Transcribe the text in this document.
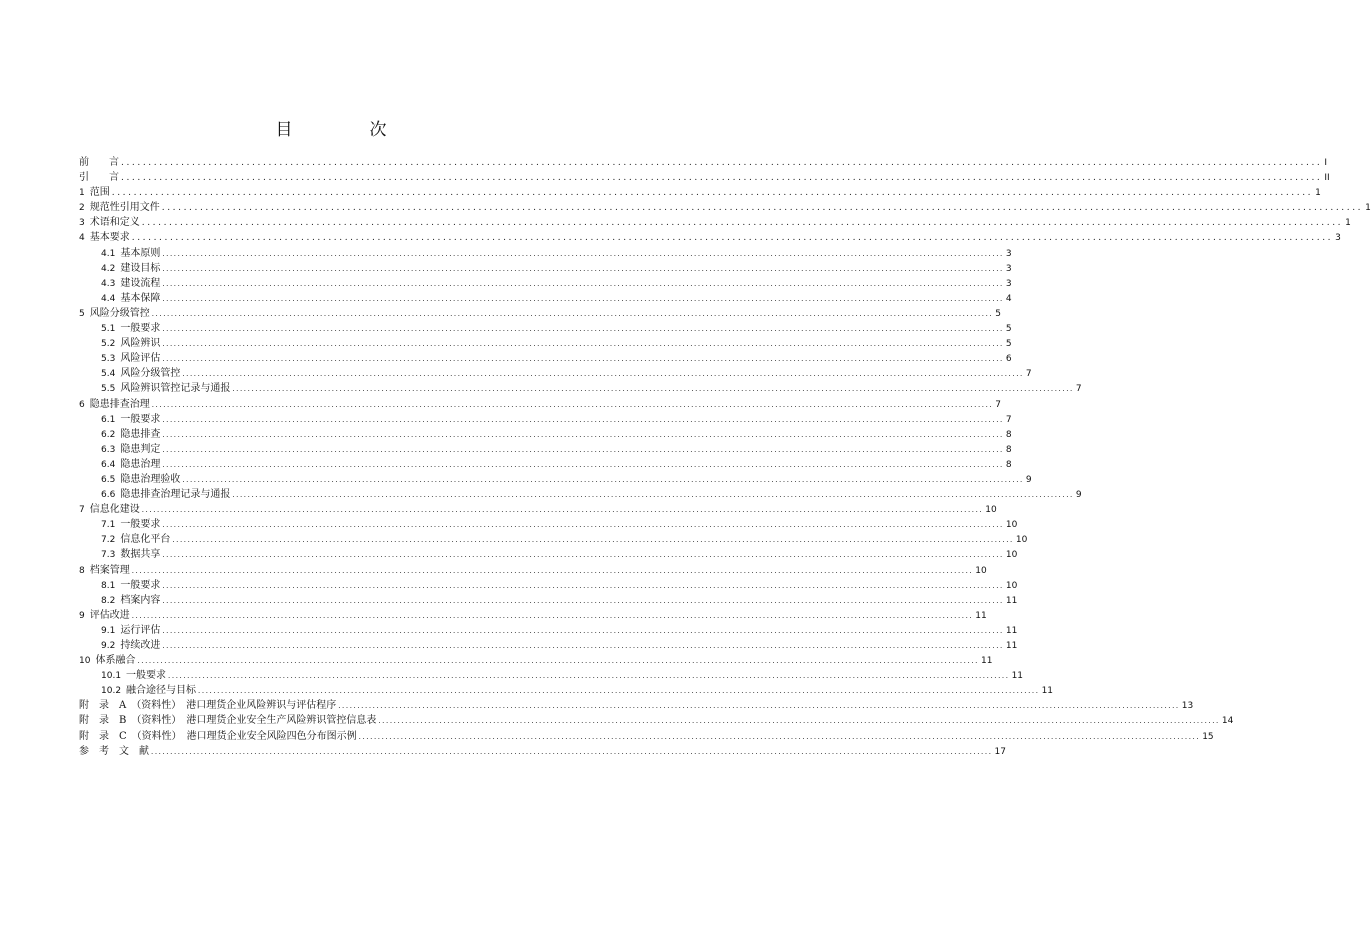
目　次
前　　言 ............................................................................................................................................................................................................................ I
引　　言 ............................................................................................................................................................................................................................ II
1 范围 ............................................................................................................................................................................................................................ 1
2 规范性引用文件 ............................................................................................................................................................................................................................ 1
3 术语和定义 ............................................................................................................................................................................................................................ 1
4 基本要求 ............................................................................................................................................................................................................................ 3
4.1 基本原则 ............................................................................................................................................................................................................................ 3
4.2 建设目标 ............................................................................................................................................................................................................................ 3
4.3 建设流程 ............................................................................................................................................................................................................................ 3
4.4 基本保障 ............................................................................................................................................................................................................................ 4
5 风险分级管控 ............................................................................................................................................................................................................................ 5
5.1 一般要求 ............................................................................................................................................................................................................................ 5
5.2 风险辨识 ............................................................................................................................................................................................................................ 5
5.3 风险评估 ............................................................................................................................................................................................................................ 6
5.4 风险分级管控 ............................................................................................................................................................................................................................ 7
5.5 风险辨识管控记录与通报 ............................................................................................................................................................................................................................ 7
6 隐患排查治理 ............................................................................................................................................................................................................................ 7
6.1 一般要求 ............................................................................................................................................................................................................................ 7
6.2 隐患排查 ............................................................................................................................................................................................................................ 8
6.3 隐患判定 ............................................................................................................................................................................................................................ 8
6.4 隐患治理 ............................................................................................................................................................................................................................ 8
6.5 隐患治理验收 ............................................................................................................................................................................................................................ 9
6.6 隐患排查治理记录与通报 ............................................................................................................................................................................................................................ 9
7 信息化建设 ............................................................................................................................................................................................................................ 10
7.1 一般要求 ............................................................................................................................................................................................................................ 10
7.2 信息化平台 ............................................................................................................................................................................................................................ 10
7.3 数据共享 ............................................................................................................................................................................................................................ 10
8 档案管理 ............................................................................................................................................................................................................................ 10
8.1 一般要求 ............................................................................................................................................................................................................................ 10
8.2 档案内容 ............................................................................................................................................................................................................................ 11
9 评估改进 ............................................................................................................................................................................................................................ 11
9.1 运行评估 ............................................................................................................................................................................................................................ 11
9.2 持续改进 ............................................................................................................................................................................................................................ 11
10 体系融合 ............................................................................................................................................................................................................................ 11
10.1 一般要求 ............................................................................................................................................................................................................................ 11
10.2 融合途径与目标 ............................................................................................................................................................................................................................ 11
附　录　A　（资料性）　港口理货企业风险辨识与评估程序 ............................................................................................................................................................................................................................ 13
附　录　B　（资料性）　港口理货企业安全生产风险辨识管控信息表 ............................................................................................................................................................................................................................ 14
附　录　C　（资料性）　港口理货企业安全风险四色分布图示例 ............................................................................................................................................................................................................................ 15
参　考　文　献 ............................................................................................................................................................................................................................ 17
